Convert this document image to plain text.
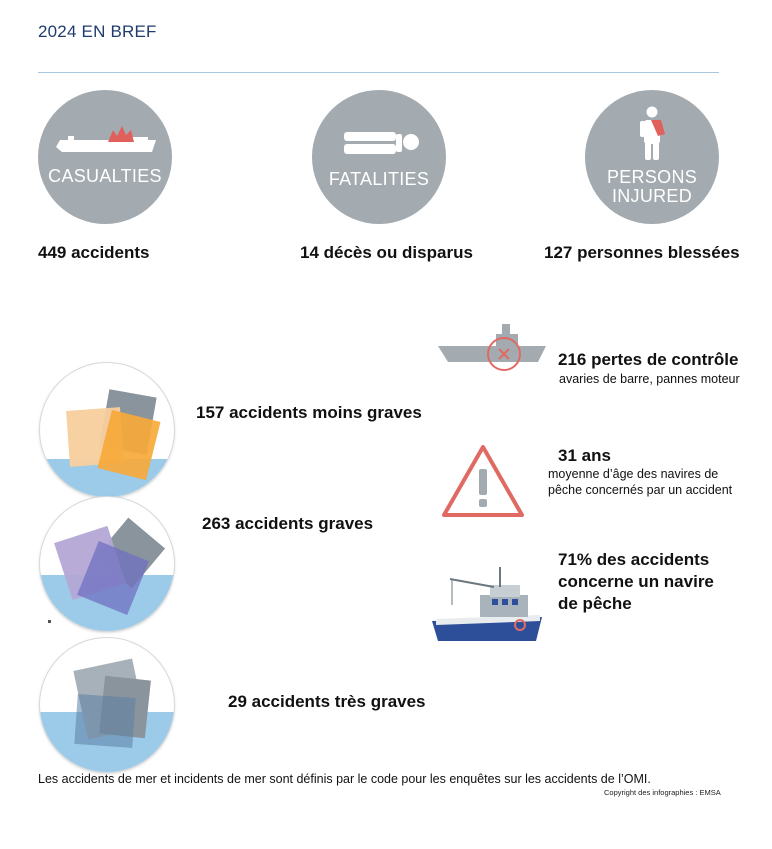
2024 EN BREF
CASUALTIES
449 accidents
FATALITIES
14 décès ou disparus
PERSONS
INJURED
127 personnes blessées
157 accidents moins graves
263 accidents graves
29 accidents très graves
216 pertes de contrôle
avaries de barre, pannes moteur
31 ans
moyenne d’âge des navires de
pêche concernés par un accident
71% des accidents
concerne un navire
de pêche
Les accidents de mer et incidents de mer sont définis par le code pour les enquêtes sur les accidents de l’OMI.
Copyright des infographies : EMSA
